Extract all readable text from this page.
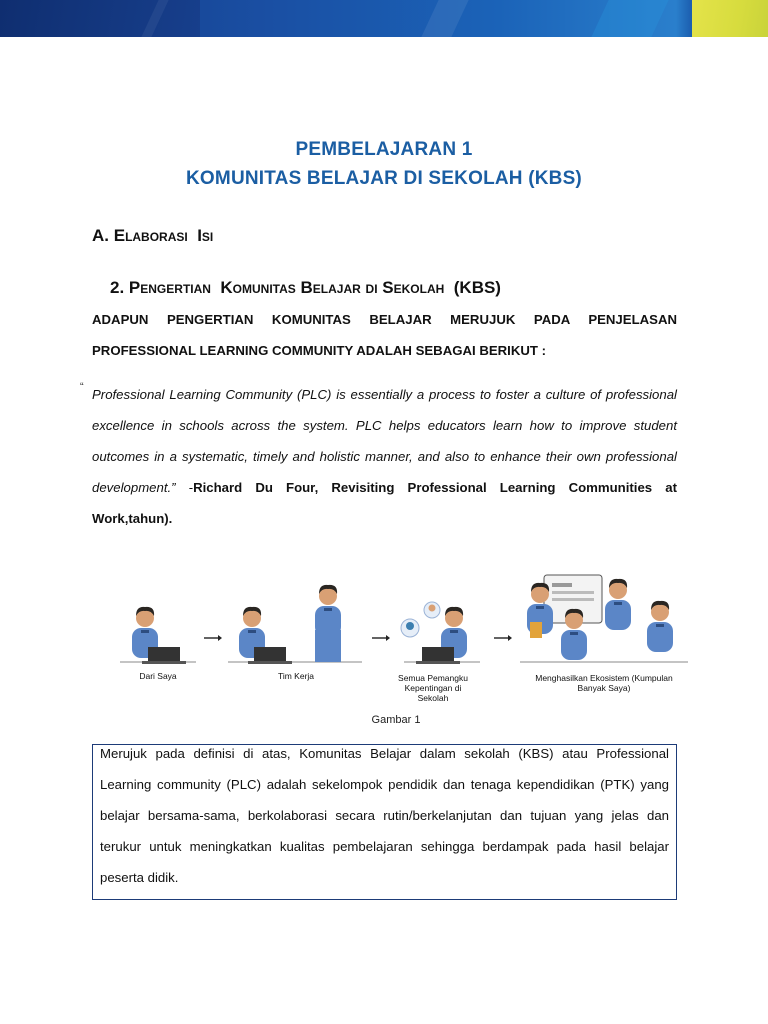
PEMBELAJARAN 1
KOMUNITAS BELAJAR DI SEKOLAH (KBS)
A. Elaborasi Isi
2. Pengertian Komunitas Belajar di Sekolah (KBS)
ADAPUN PENGERTIAN KOMUNITAS BELAJAR MERUJUK PADA PENJELASAN
PROFESSIONAL LEARNING COMMUNITY ADALAH SEBAGAI BERIKUT :
“ Professional Learning Community (PLC) is essentially a process to foster a culture of professional excellence in schools across the system. PLC helps educators learn how to improve student outcomes in a systematic, timely and holistic manner, and also to enhance their own professional development.” -Richard Du Four, Revisiting Professional Learning Communities at Work,tahun).
Dari Saya	Tim Kerja	Semua Pemangku Kepentingan di Sekolah
Menghasilkan Ekosistem (Kumpulan Banyak Saya)
Gambar 1
Merujuk pada definisi di atas, Komunitas Belajar dalam sekolah (KBS) atau Professional Learning community (PLC) adalah sekelompok pendidik dan tenaga kependidikan (PTK) yang belajar bersama-sama, berkolaborasi secara rutin/berkelanjutan dan tujuan yang jelas dan terukur untuk meningkatkan kualitas pembelajaran sehingga berdampak pada hasil belajar peserta didik.
